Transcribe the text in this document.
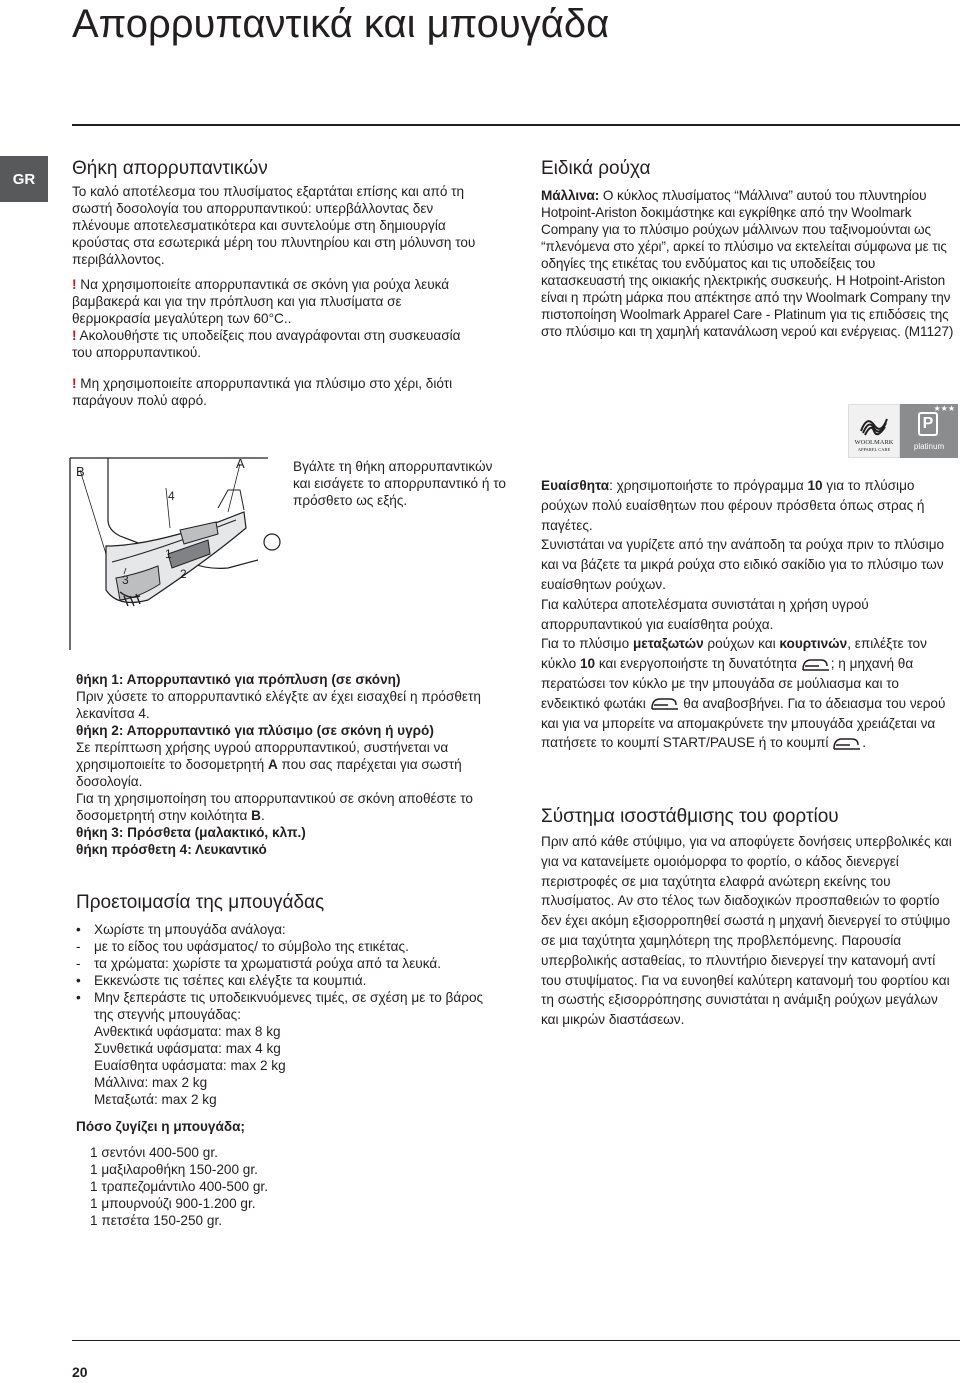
Απορρυπαντικά και μπουγάδα
GR	Θήκη απορρυπαντικών

Το καλό αποτέλεσμα του πλυσίματος εξαρτάται επίσης και από τη σωστή δοσολογία του απορρυπαντικού: υπερβάλλοντας δεν πλένουμε αποτελεσματικότερα και συντελούμε στη δημιουργία κρούστας στα εσωτερικά μέρη του πλυντηρίου και στη μόλυνση του περιβάλλοντος.

! Να χρησιμοποιείτε απορρυπαντικά σε σκόνη για ρούχα λευκά βαμβακερά και για την πρόπλυση και για πλυσίματα σε θερμοκρασία μεγαλύτερη των 60°C..

! Ακολουθήστε τις υποδείξεις που αναγράφονται στη συσκευασία του απορρυπαντικού.

! Μη χρησιμοποιείτε απορρυπαντικά για πλύσιμο στο χέρι, διότι παράγουν πολύ αφρό.

B
A
4
1
2
3
Βγάλτε τη θήκη απορρυπαντικών και εισάγετε το απορρυπαντικό ή το πρόσθετο ως εξής.

θήκη 1: Απορρυπαντικό για πρόπλυση (σε σκόνη)

Πριν χύσετε το απορρυπαντικό ελέγξτε αν έχει εισαχθεί η πρόσθετη λεκανίτσα 4.

θήκη 2: Απορρυπαντικό για πλύσιμο (σε σκόνη ή υγρό)

Σε περίπτωση χρήσης υγρού απορρυπαντικού, συστήνεται να χρησιμοποιείτε το δοσομετρητή A που σας παρέχεται για σωστή δοσολογία.

Για τη χρησιμοποίηση του απορρυπαντικού σε σκόνη αποθέστε το δοσομετρητή στην κοιλότητα B.

θήκη 3: Πρόσθετα (μαλακτικό, κλπ.)

θήκη πρόσθετη 4: Λευκαντικό

Προετοιμασία της μπουγάδας
• Χωρίστε τη μπουγάδα ανάλογα:
- με το είδος του υφάσματος/ το σύμβολο της ετικέτας.
- τα χρώματα: χωρίστε τα χρωματιστά ρούχα από τα λευκά.
• Εκκενώστε τις τσέπες και ελέγξτε τα κουμπιά.
• Μην ξεπεράστε τις υποδεικνυόμενες τιμές, σε σχέση με το βάρος της στεγνής μπουγάδας:

Ανθεκτικά υφάσματα: max 8 kg

Συνθετικά υφάσματα: max 4 kg

Ευαίσθητα υφάσματα: max 2 kg

Μάλλινα: max 2 kg

Μεταξωτά: max 2 kg

Πόσο ζυγίζει η μπουγάδα;

1 σεντόνι 400-500 gr.

1 μαξιλαροθήκη 150-200 gr.

1 τραπεζομάντιλο 400-500 gr.

1 μπουρνούζι 900-1.200 gr.

1 πετσέτα 150-250 gr.

Ειδικά ρούχα

Μάλλινα: Ο κύκλος πλυσίματος “Μάλλινα” αυτού του πλυντηρίου Hotpoint-Ariston δοκιμάστηκε και εγκρίθηκε από την Woolmark Company για το πλύσιμο ρούχων μάλλινων που ταξινομούνται ως “πλενόμενα στο χέρι”, αρκεί το πλύσιμο να εκτελείται σύμφωνα με τις οδηγίες της ετικέτας του ενδύματος και τις υποδείξεις του κατασκευαστή της οικιακής ηλεκτρικής συσκευής. Η Hotpoint-Ariston είναι η πρώτη μάρκα που απέκτησε από την Woolmark Company την πιστοποίηση Woolmark Apparel Care - Platinum για τις επιδόσεις της στο πλύσιμο και τη χαμηλή κατανάλωση νερού και ενέργειας. (M1127)

WOOLMARK
APPAREL CARE
★★★
P
platinum

Ευαίσθητα: χρησιμοποιήστε το πρόγραμμα 10 για το πλύσιμο ρούχων πολύ ευαίσθητων που φέρουν πρόσθετα όπως στρας ή παγέτες.

Συνιστάται να γυρίζετε από την ανάποδη τα ρούχα πριν το πλύσιμο και να βάζετε τα μικρά ρούχα στο ειδικό σακίδιο για το πλύσιμο των ευαίσθητων ρούχων.

Για καλύτερα αποτελέσματα συνιστάται η χρήση υγρού απορρυπαντικού για ευαίσθητα ρούχα.

Για το πλύσιμο μεταξωτών ρούχων και κουρτινών, επιλέξτε τον κύκλο 10 και ενεργοποιήστε τη δυνατότητα ; η μηχανή θα περατώσει τον κύκλο με την μπουγάδα σε μούλιασμα και το ενδεικτικό φωτάκι  θα αναβοσβήνει. Για το άδειασμα του νερού και για να μπορείτε να απομακρύνετε την μπουγάδα χρειάζεται να πατήσετε το κουμπί START/PAUSE ή το κουμπί .

Σύστημα ισοστάθμισης του φορτίου

Πριν από κάθε στύψιμο, για να αποφύγετε δονήσεις υπερβολικές και για να κατανείμετε ομοιόμορφα το φορτίο, ο κάδος διενεργεί περιστροφές σε μια ταχύτητα ελαφρά ανώτερη εκείνης του πλυσίματος. Αν στο τέλος των διαδοχικών προσπαθειών το φορτίο δεν έχει ακόμη εξισορροπηθεί σωστά η μηχανή διενεργεί το στύψιμο σε μια ταχύτητα χαμηλότερη της προβλεπόμενης. Παρουσία υπερβολικής ασταθείας, το πλυντήριο διενεργεί την κατανομή αντί του στυψίματος. Για να ευνοηθεί καλύτερη κατανομή του φορτίου και τη σωστής εξισορρόπησης συνιστάται η ανάμιξη ρούχων μεγάλων και μικρών διαστάσεων.

20
